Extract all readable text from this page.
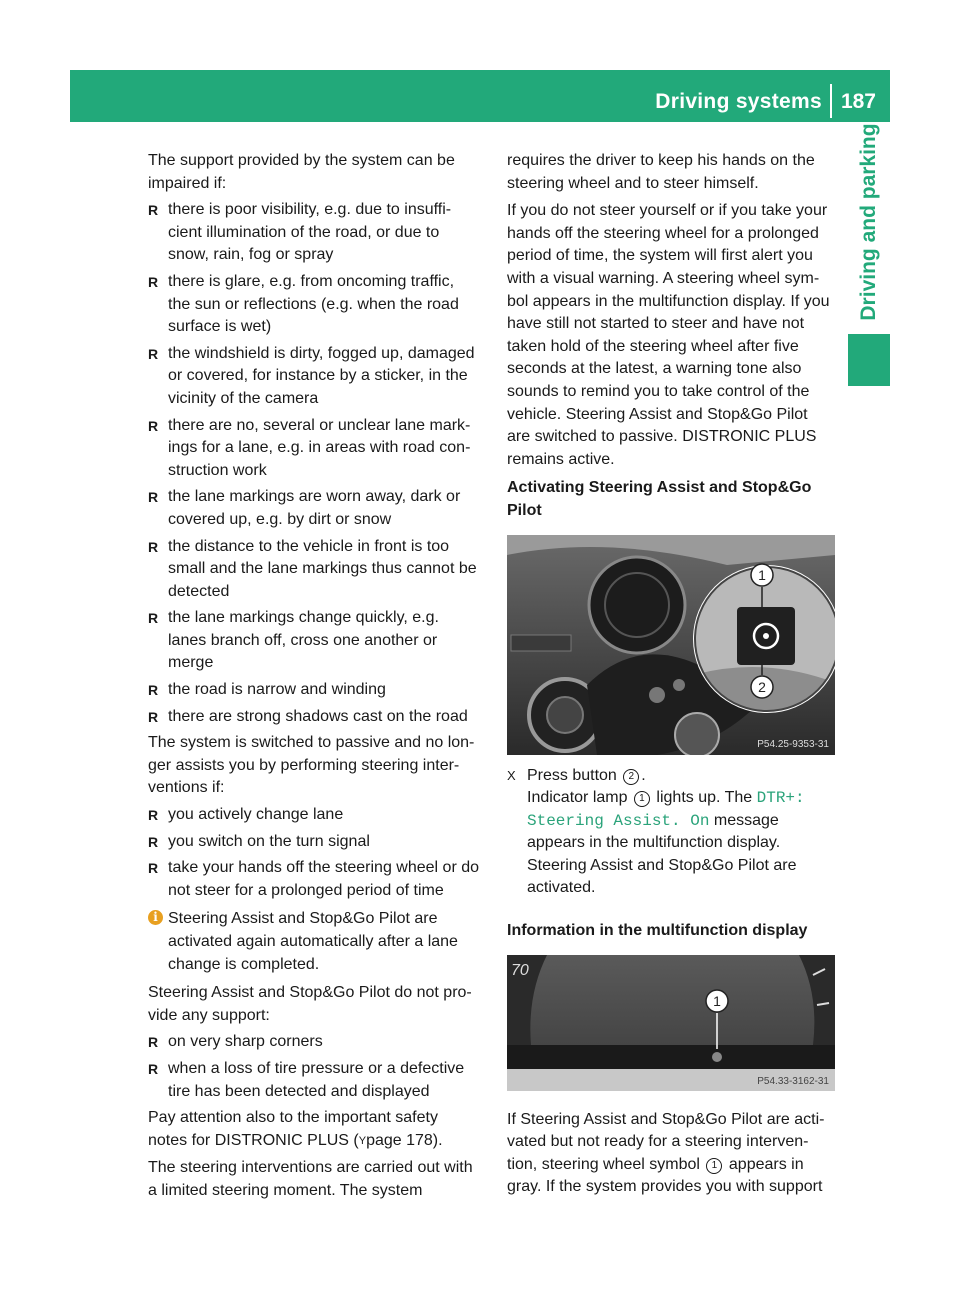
Driving systems 187
Driving and parking

The support provided by the system can be impaired if:

R there is poor visibility, e.g. due to insuffi-cient illumination of the road, or due to snow, rain, fog or spray
R there is glare, e.g. from oncoming traffic, the sun or reflections (e.g. when the road surface is wet)
R the windshield is dirty, fogged up, damaged or covered, for instance by a sticker, in the vicinity of the camera
R there are no, several or unclear lane mark-ings for a lane, e.g. in areas with road con-struction work
R the lane markings are worn away, dark or covered up, e.g. by dirt or snow
R the distance to the vehicle in front is too small and the lane markings thus cannot be detected
R the lane markings change quickly, e.g. lanes branch off, cross one another or merge
R the road is narrow and winding
R there are strong shadows cast on the road

The system is switched to passive and no lon-ger assists you by performing steering inter-ventions if:

R you actively change lane
R you switch on the turn signal
R take your hands off the steering wheel or do not steer for a prolonged period of time
i Steering Assist and Stop&Go Pilot are activated again automatically after a lane change is completed.

Steering Assist and Stop&Go Pilot do not pro-vide any support:

R on very sharp corners
R when a loss of tire pressure or a defective tire has been detected and displayed

Pay attention also to the important safety notes for DISTRONIC PLUS (Ypage 178).

The steering interventions are carried out with a limited steering moment. The system

requires the driver to keep his hands on the steering wheel and to steer himself.

If you do not steer yourself or if you take your hands off the steering wheel for a prolonged period of time, the system will first alert you with a visual warning. A steering wheel sym-bol appears in the multifunction display. If you have still not started to steer and have not taken hold of the steering wheel after five seconds at the latest, a warning tone also sounds to remind you to take control of the vehicle. Steering Assist and Stop&Go Pilot are switched to passive. DISTRONIC PLUS remains active.

Activating Steering Assist and Stop&Go Pilot
1
2
P54.25-9353-31
X Press button 2 .
Indicator lamp 1 lights up. The DTR+:
Steering Assist. On message appears in the multifunction display. Steering Assist and Stop&Go Pilot are activated.
Information in the multifunction display
70
1
P54.33-3162-31

If Steering Assist and Stop&Go Pilot are acti-vated but not ready for a steering interven-tion, steering wheel symbol 1 appears in gray. If the system provides you with support
